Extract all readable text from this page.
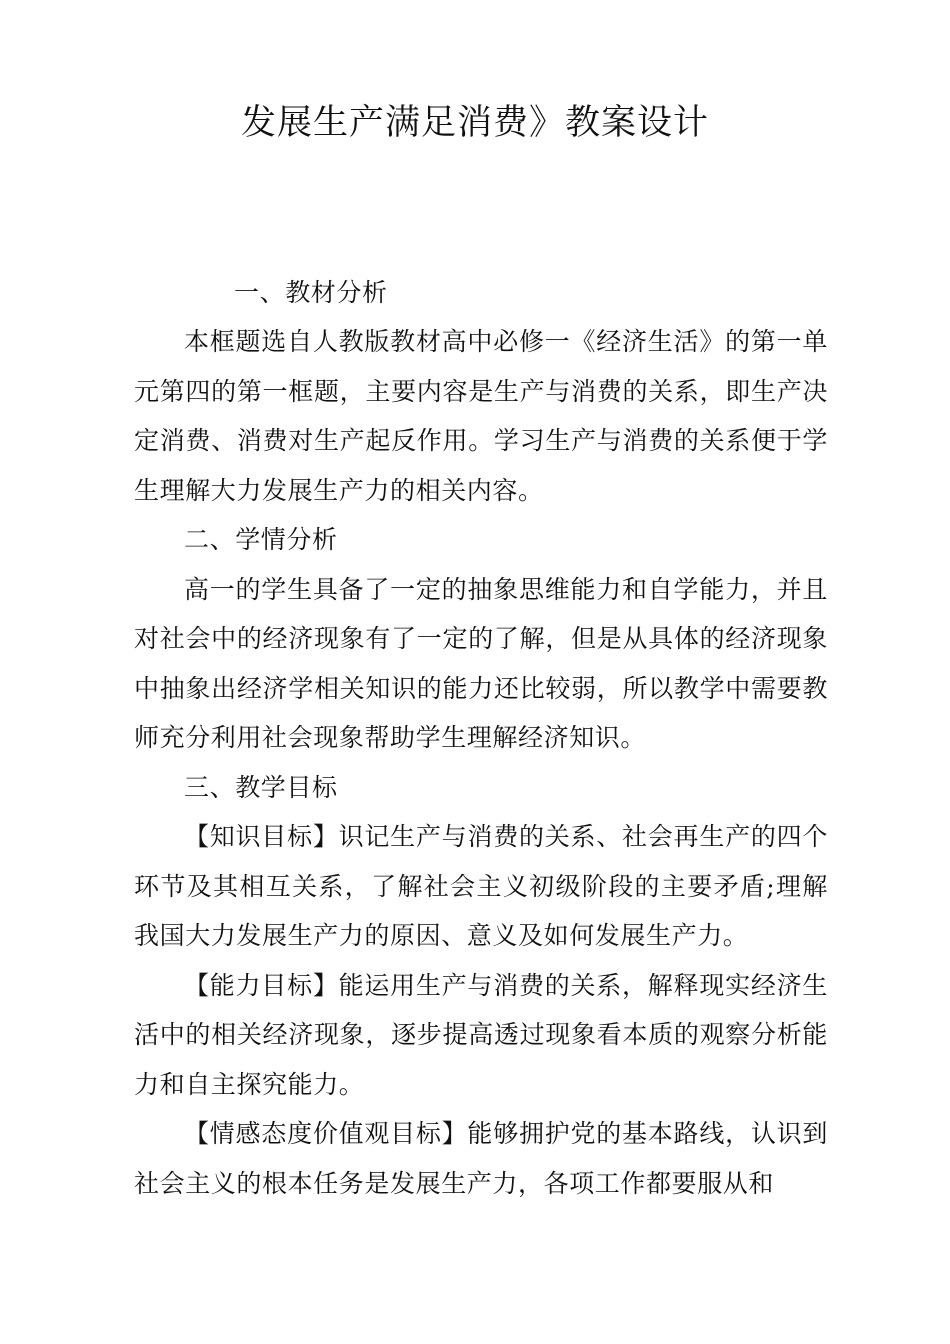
发展生产满足消费》教案设计
一、教材分析

本框题选自人教版教材高中必修一《经济生活》的第一单元第四的第一框题，主要内容是生产与消费的关系，即生产决定消费、消费对生产起反作用。学习生产与消费的关系便于学生理解大力发展生产力的相关内容。

二、学情分析

高一的学生具备了一定的抽象思维能力和自学能力，并且对社会中的经济现象有了一定的了解，但是从具体的经济现象中抽象出经济学相关知识的能力还比较弱，所以教学中需要教师充分利用社会现象帮助学生理解经济知识。

三、教学目标

【知识目标】识记生产与消费的关系、社会再生产的四个环节及其相互关系，了解社会主义初级阶段的主要矛盾;理解我国大力发展生产力的原因、意义及如何发展生产力。

【能力目标】能运用生产与消费的关系，解释现实经济生活中的相关经济现象，逐步提高透过现象看本质的观察分析能力和自主探究能力。

【情感态度价值观目标】能够拥护党的基本路线，认识到社会主义的根本任务是发展生产力，各项工作都要服从和
